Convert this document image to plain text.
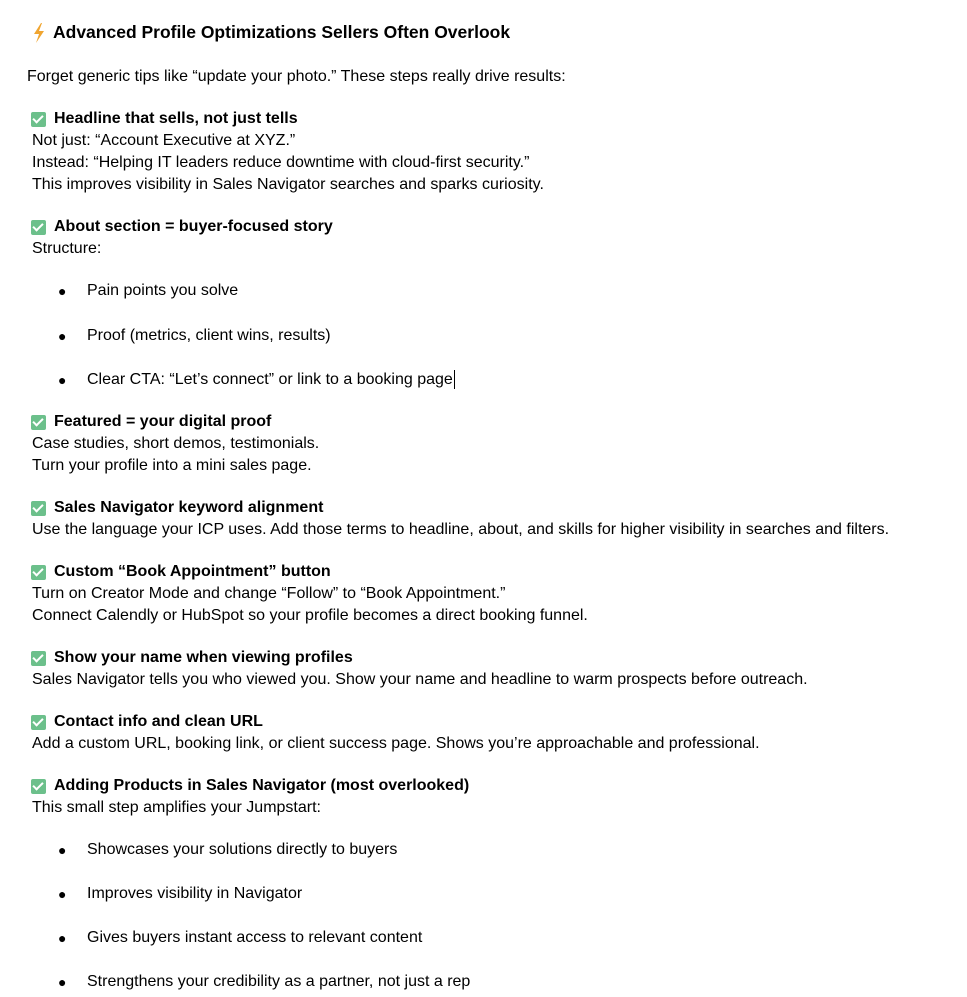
Advanced Profile Optimizations Sellers Often Overlook
Forget generic tips like “update your photo.” These steps really drive results:
Headline that sells, not just tells
Not just: “Account Executive at XYZ.”
Instead: “Helping IT leaders reduce downtime with cloud-first security.”
This improves visibility in Sales Navigator searches and sparks curiosity.
About section = buyer-focused story
Structure:
●	Pain points you solve
●	Proof (metrics, client wins, results)
●	Clear CTA: “Let’s connect” or link to a booking page
Featured = your digital proof
Case studies, short demos, testimonials.
Turn your profile into a mini sales page.
Sales Navigator keyword alignment
Use the language your ICP uses. Add those terms to headline, about, and skills for higher visibility in searches and filters.
Custom “Book Appointment” button
Turn on Creator Mode and change “Follow” to “Book Appointment.”
Connect Calendly or HubSpot so your profile becomes a direct booking funnel.
Show your name when viewing profiles
Sales Navigator tells you who viewed you. Show your name and headline to warm prospects before outreach.
Contact info and clean URL
Add a custom URL, booking link, or client success page. Shows you’re approachable and professional.
Adding Products in Sales Navigator (most overlooked)
This small step amplifies your Jumpstart:
●	Showcases your solutions directly to buyers
●	Improves visibility in Navigator
●	Gives buyers instant access to relevant content
●	Strengthens your credibility as a partner, not just a rep
